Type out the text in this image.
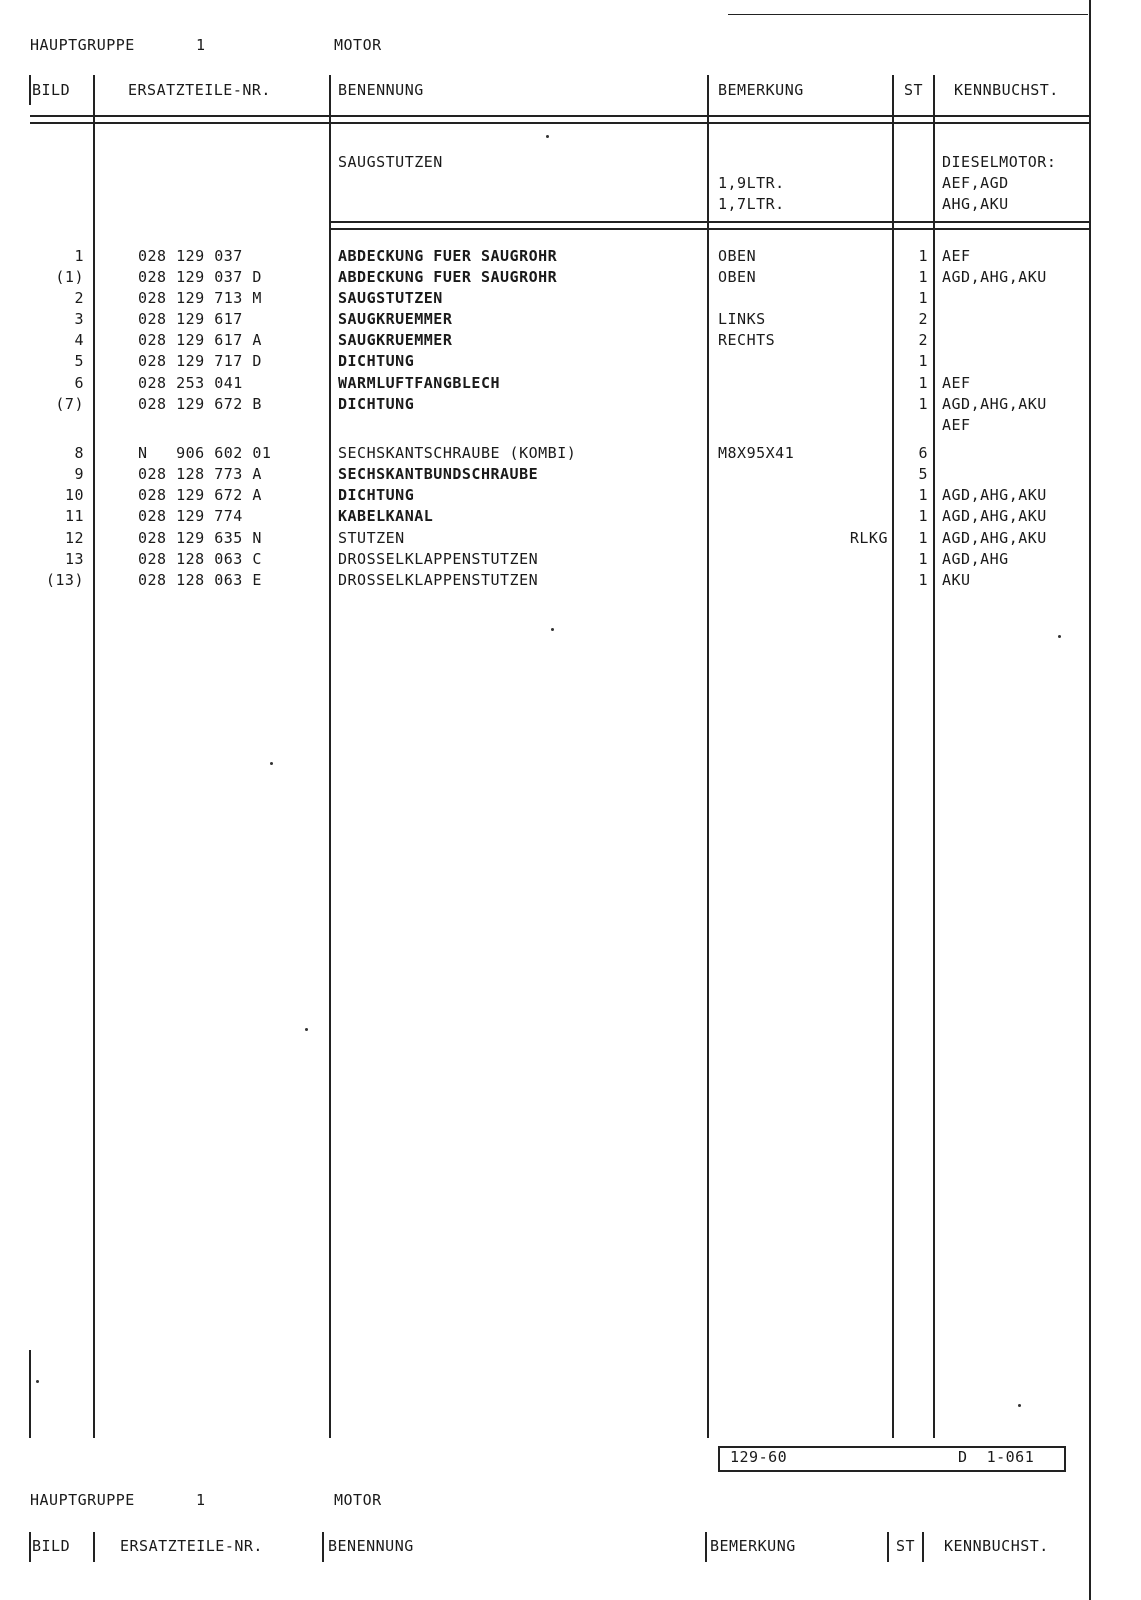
HAUPTGRUPPE	1	MOTOR
BILD	ERSATZTEILE-NR.	BENENNUNG	BEMERKUNG	ST KENNBUCHST.
SAUGSTUTZEN	DIESELMOTOR:
1,9LTR.	AEF,AGD
1,7LTR.	AHG,AKU
1	028 129 037	ABDECKUNG FUER SAUGROHR	OBEN	1 AEF
(1)	028 129 037 D	ABDECKUNG FUER SAUGROHR	OBEN	1 AGD,AHG,AKU
2	028 129 713 M	SAUGSTUTZEN	1
3	028 129 617	SAUGKRUEMMER	LINKS	2
4	028 129 617 A	SAUGKRUEMMER	RECHTS	2
5	028 129 717 D	DICHTUNG	1
6	028 253 041	WARMLUFTFANGBLECH	1 AEF
(7)	028 129 672 B	DICHTUNG	1 AGD,AHG,AKU
AEF
8	N   906 602 01	SECHSKANTSCHRAUBE (KOMBI)	M8X95X41	6
9	028 128 773 A	SECHSKANTBUNDSCHRAUBE	5
10	028 129 672 A	DICHTUNG	1 AGD,AHG,AKU
11	028 129 774	KABELKANAL	1 AGD,AHG,AKU
12	028 129 635 N	STUTZEN	RLKG	1 AGD,AHG,AKU
13	028 128 063 C	DROSSELKLAPPENSTUTZEN	1 AGD,AHG
(13)	028 128 063 E	DROSSELKLAPPENSTUTZEN	1 AKU
129-60	D  1-061
HAUPTGRUPPE	1	MOTOR
BILD	ERSATZTEILE-NR.	BENENNUNG	BEMERKUNG	ST KENNBUCHST.
